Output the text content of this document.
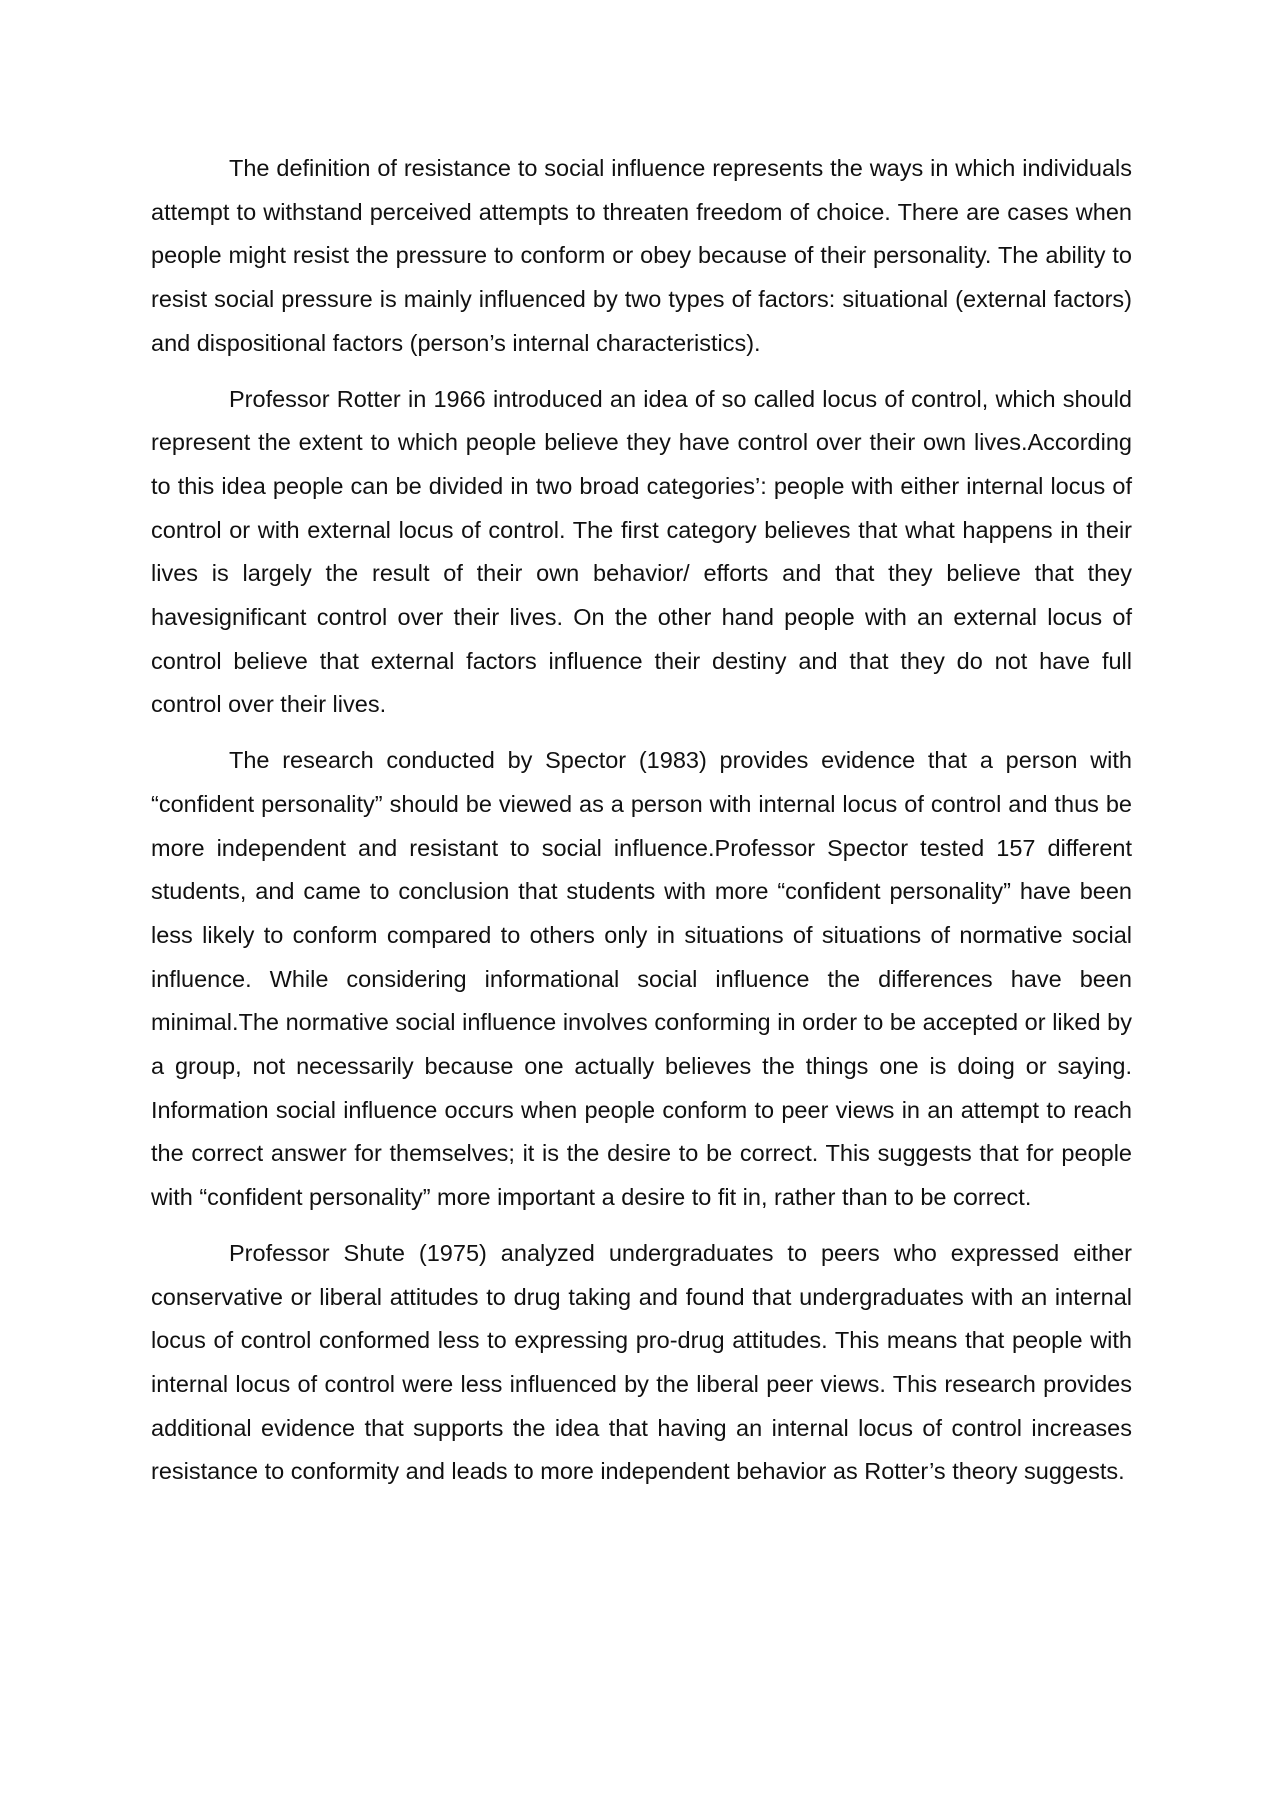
The definition of resistance to social influence represents the ways in which individuals attempt to withstand perceived attempts to threaten freedom of choice. There are cases when people might resist the pressure to conform or obey because of their personality. The ability to resist social pressure is mainly influenced by two types of factors: situational (external factors) and dispositional factors (person’s internal characteristics).

Professor Rotter in 1966 introduced an idea of so called locus of control, which should represent the extent to which people believe they have control over their own lives.According to this idea people can be divided in two broad categories’: people with either internal locus of control or with external locus of control. The first category believes that what happens in their lives is largely the result of their own behavior/ efforts and that they believe that they havesignificant control over their lives. On the other hand people with an external locus of control believe that external factors influence their destiny and that they do not have full control over their lives.

The research conducted by Spector (1983) provides evidence that a person with “confident personality” should be viewed as a person with internal locus of control and thus be more independent and resistant to social influence.Professor Spector tested 157 different students, and came to conclusion that students with more “confident personality” have been less likely to conform compared to others only in situations of situations of normative social influence. While considering informational social influence the differences have been minimal.The normative social influence involves conforming in order to be accepted or liked by a group, not necessarily because one actually believes the things one is doing or saying. Information social influence occurs when people conform to peer views in an attempt to reach the correct answer for themselves; it is the desire to be correct. This suggests that for people with “confident personality” more important a desire to fit in, rather than to be correct.

Professor Shute (1975) analyzed undergraduates to peers who expressed either conservative or liberal attitudes to drug taking and found that undergraduates with an internal locus of control conformed less to expressing pro-drug attitudes. This means that people with internal locus of control were less influenced by the liberal peer views. This research provides additional evidence that supports the idea that having an internal locus of control increases resistance to conformity and leads to more independent behavior as Rotter’s theory suggests.
